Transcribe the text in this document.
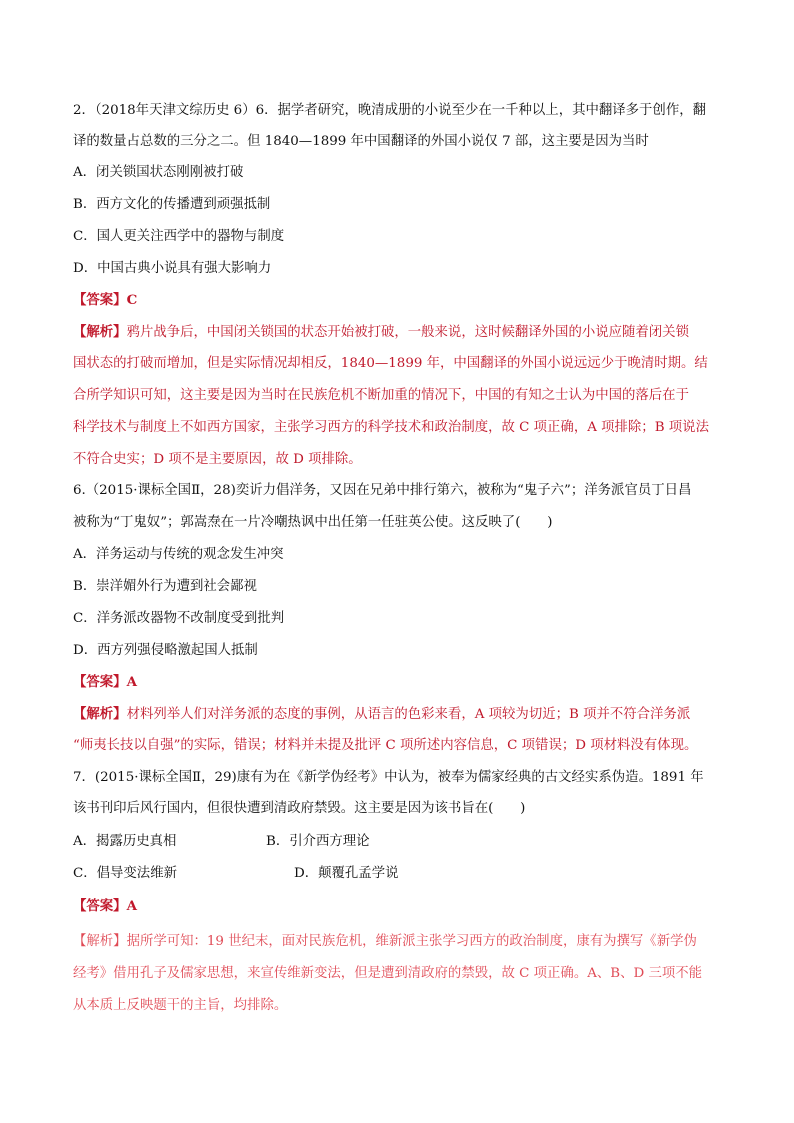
2．（2018年天津文综历史 6）6．据学者研究，晚清成册的小说至少在一千种以上，其中翻译多于创作，翻
译的数量占总数的三分之二。但 1840—1899 年中国翻译的外国小说仅 7 部，这主要是因为当时
A．闭关锁国状态刚刚被打破
B．西方文化的传播遭到顽强抵制
C．国人更关注西学中的器物与制度
D．中国古典小说具有强大影响力
【答案】C
【解析】鸦片战争后，中国闭关锁国的状态开始被打破，一般来说，这时候翻译外国的小说应随着闭关锁
国状态的打破而增加，但是实际情况却相反，1840—1899 年，中国翻译的外国小说远远少于晚清时期。结
合所学知识可知，这主要是因为当时在民族危机不断加重的情况下，中国的有知之士认为中国的落后在于
科学技术与制度上不如西方国家，主张学习西方的科学技术和政治制度，故 C 项正确，A 项排除；B 项说法
不符合史实；D 项不是主要原因，故 D 项排除。
6.（2015·课标全国Ⅱ，28)奕䜣力倡洋务，又因在兄弟中排行第六，被称为“鬼子六”；洋务派官员丁日昌
被称为“丁鬼奴”；郭嵩焘在一片冷嘲热讽中出任第一任驻英公使。这反映了(　　)
A．洋务运动与传统的观念发生冲突
B．崇洋媚外行为遭到社会鄙视
C．洋务派改器物不改制度受到批判
D．西方列强侵略激起国人抵制
【答案】A
【解析】材料列举人们对洋务派的态度的事例，从语言的色彩来看，A 项较为切近；B 项并不符合洋务派
“师夷长技以自强”的实际，错误；材料并未提及批评 C 项所述内容信息，C 项错误；D 项材料没有体现。
7．(2015·课标全国Ⅱ，29)康有为在《新学伪经考》中认为，被奉为儒家经典的古文经实系伪造。1891 年
该书刊印后风行国内，但很快遭到清政府禁毁。这主要是因为该书旨在(　　)
A．揭露历史真相	B．引介西方理论
C．倡导变法维新	D．颠覆孔孟学说
【答案】A
【解析】据所学可知：19 世纪末，面对民族危机，维新派主张学习西方的政治制度，康有为撰写《新学伪
经考》借用孔子及儒家思想，来宣传维新变法，但是遭到清政府的禁毁，故 C 项正确。A、B、D 三项不能
从本质上反映题干的主旨，均排除。
